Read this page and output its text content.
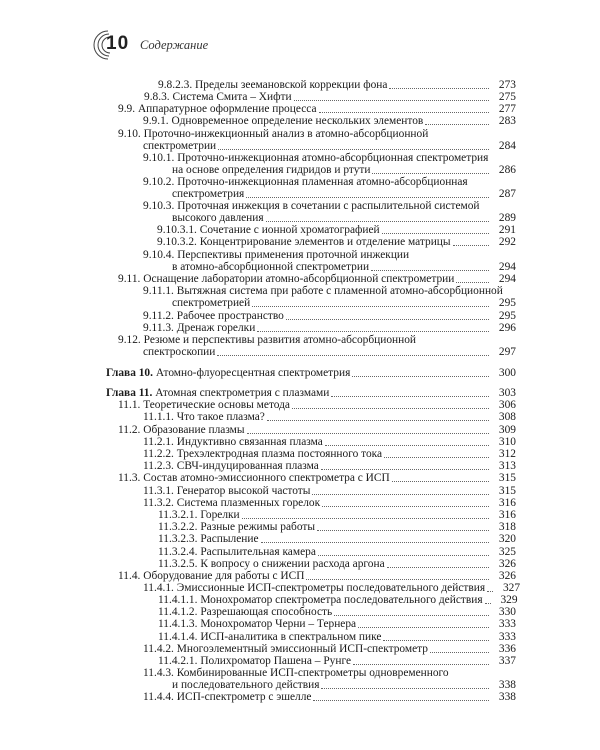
10 Содержание
9.8.2.3. Пределы зеемановской коррекции фона	273
9.8.3. Система Смита – Хифти	275
9.9. Аппаратурное оформление процесса	277
9.9.1. Одновременное определение нескольких элементов	283
9.10. Проточно-инжекционный анализ в атомно-абсорбционной
спектрометрии	284
9.10.1. Проточно-инжекционная атомно-абсорбционная спектрометрия
на основе определения гидридов и ртути	286
9.10.2. Проточно-инжекционная пламенная атомно-абсорбционная
спектрометрия	287
9.10.3. Проточная инжекция в сочетании с распылительной системой
высокого давления	289
9.10.3.1. Сочетание с ионной хроматографией	291
9.10.3.2. Концентрирование элементов и отделение матрицы	292
9.10.4. Перспективы применения проточной инжекции
в атомно-абсорбционной спектрометрии	294
9.11. Оснащение лаборатории атомно-абсорбционной спектрометрии	294
9.11.1. Вытяжная система при работе с пламенной атомно-абсорбционной
спектрометрией	295
9.11.2. Рабочее пространство	295
9.11.3. Дренаж горелки	296
9.12. Резюме и перспективы развития атомно-абсорбционной
спектроскопии	297
Глава 10. Атомно-флуоресцентная спектрометрия	300
Глава 11. Атомная спектрометрия с плазмами	303
11.1. Теоретические основы метода	306
11.1.1. Что такое плазма?	308
11.2. Образование плазмы	309
11.2.1. Индуктивно связанная плазма	310
11.2.2. Трехэлектродная плазма постоянного тока	312
11.2.3. СВЧ-индуцированная плазма	313
11.3. Состав атомно-эмиссионного спектрометра с ИСП	315
11.3.1. Генератор высокой частоты	315
11.3.2. Система плазменных горелок	316
11.3.2.1. Горелки	316
11.3.2.2. Разные режимы работы	318
11.3.2.3. Распыление	320
11.3.2.4. Распылительная камера	325
11.3.2.5. К вопросу о снижении расхода аргона	326
11.4. Оборудование для работы с ИСП	326
11.4.1. Эмиссионные ИСП-спектрометры последовательного действия	327
11.4.1.1. Монохроматор спектрометра последовательного действия	329
11.4.1.2. Разрешающая способность	330
11.4.1.3. Монохроматор Черни – Тернера	333
11.4.1.4. ИСП-аналитика в спектральном пике	333
11.4.2. Многоэлементный эмиссионный ИСП-спектрометр	336
11.4.2.1. Полихроматор Пашена – Рунге	337
11.4.3. Комбинированные ИСП-спектрометры одновременного
и последовательного действия	338
11.4.4. ИСП-спектрометр с эшелле	338
